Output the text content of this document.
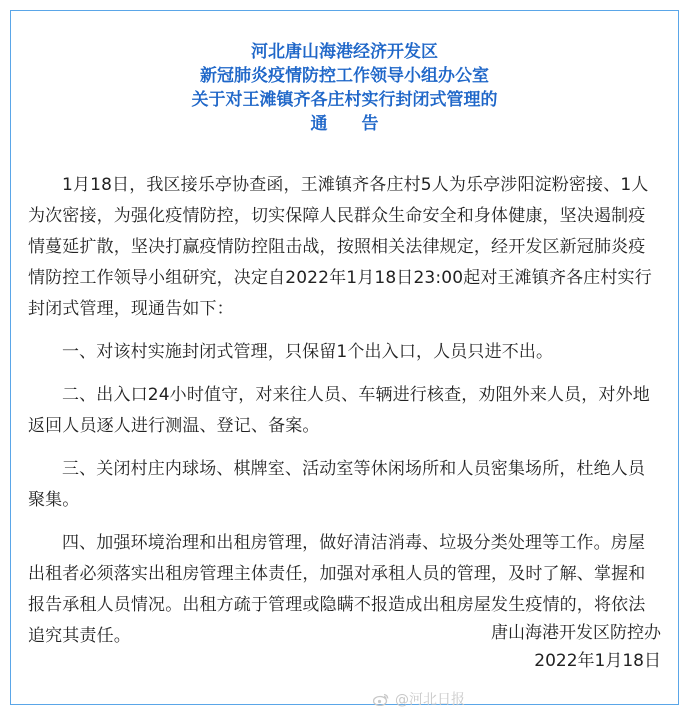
河北唐山海港经济开发区
新冠肺炎疫情防控工作领导小组办公室
关于对王滩镇齐各庄村实行封闭式管理的
通　　告

1月18日，我区接乐亭协查函，王滩镇齐各庄村5人为乐亭涉阳淀粉密接、1人为次密接，为强化疫情防控，切实保障人民群众生命安全和身体健康，坚决遏制疫情蔓延扩散，坚决打赢疫情防控阻击战，按照相关法律规定，经开发区新冠肺炎疫情防控工作领导小组研究，决定自2022年1月18日23:00起对王滩镇齐各庄村实行封闭式管理，现通告如下：

一、对该村实施封闭式管理，只保留1个出入口，人员只进不出。

二、出入口24小时值守，对来往人员、车辆进行核查，劝阻外来人员，对外地返回人员逐人进行测温、登记、备案。

三、关闭村庄内球场、棋牌室、活动室等休闲场所和人员密集场所，杜绝人员聚集。

四、加强环境治理和出租房管理，做好清洁消毒、垃圾分类处理等工作。房屋出租者必须落实出租房管理主体责任，加强对承租人员的管理，及时了解、掌握和报告承租人员情况。出租方疏于管理或隐瞒不报造成出租房屋发生疫情的，将依法追究其责任。	唐山海港开发区防控办
2022年1月18日
@河北日报
